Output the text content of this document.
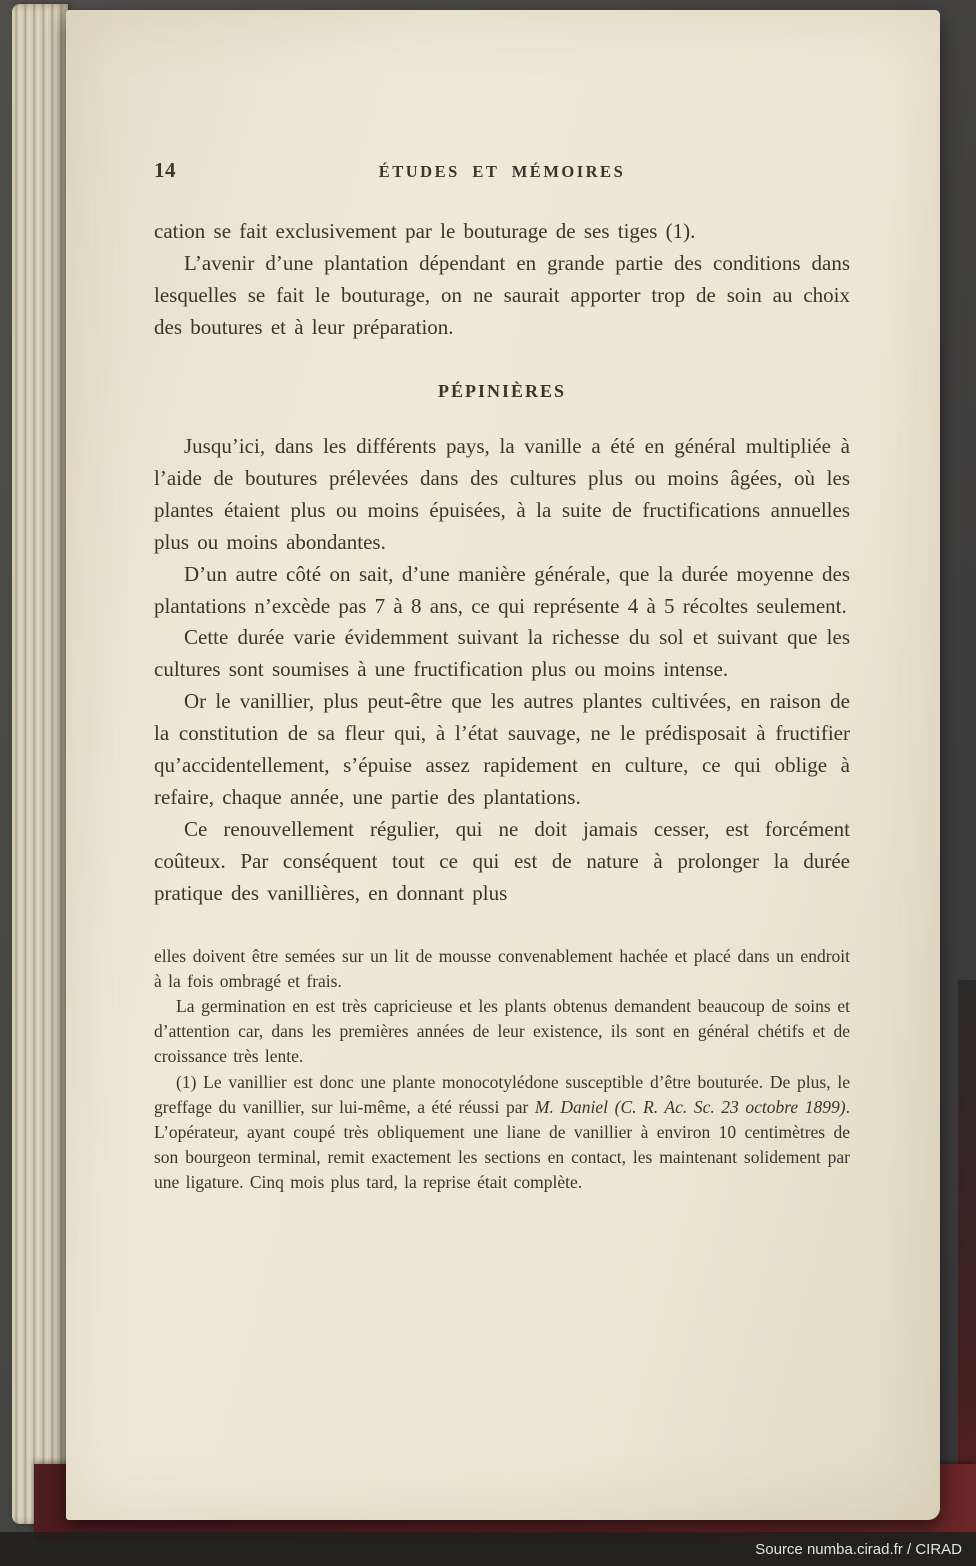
14	ÉTUDES ET MÉMOIRES

cation se fait exclusivement par le bouturage de ses tiges (1).

L’avenir d’une plantation dépendant en grande partie des conditions dans lesquelles se fait le bouturage, on ne saurait apporter trop de soin au choix des boutures et à leur préparation.

PÉPINIÈRES

Jusqu’ici, dans les différents pays, la vanille a été en général multipliée à l’aide de boutures prélevées dans des cultures plus ou moins âgées, où les plantes étaient plus ou moins épuisées, à la suite de fructifications annuelles plus ou moins abondantes.

D’un autre côté on sait, d’une manière générale, que la durée moyenne des plantations n’excède pas 7 à 8 ans, ce qui représente 4 à 5 récoltes seulement.

Cette durée varie évidemment suivant la richesse du sol et suivant que les cultures sont soumises à une fructification plus ou moins intense.

Or le vanillier, plus peut-être que les autres plantes cultivées, en raison de la constitution de sa fleur qui, à l’état sauvage, ne le prédisposait à fructifier qu’accidentellement, s’épuise assez rapidement en culture, ce qui oblige à refaire, chaque année, une partie des plantations.

Ce renouvellement régulier, qui ne doit jamais cesser, est forcément coûteux. Par conséquent tout ce qui est de nature à prolonger la durée pratique des vanillières, en donnant plus

elles doivent être semées sur un lit de mousse convenablement hachée et placé dans un endroit à la fois ombragé et frais.

La germination en est très capricieuse et les plants obtenus demandent beaucoup de soins et d’attention car, dans les premières années de leur existence, ils sont en général chétifs et de croissance très lente.

(1) Le vanillier est donc une plante monocotylédone susceptible d’être bouturée. De plus, le greffage du vanillier, sur lui-même, a été réussi par M. Daniel (C. R. Ac. Sc. 23 octobre 1899). L’opérateur, ayant coupé très obliquement une liane de vanillier à environ 10 centimètres de son bourgeon terminal, remit exactement les sections en contact, les maintenant solidement par une ligature. Cinq mois plus tard, la reprise était complète.

Source numba.cirad.fr / CIRAD
